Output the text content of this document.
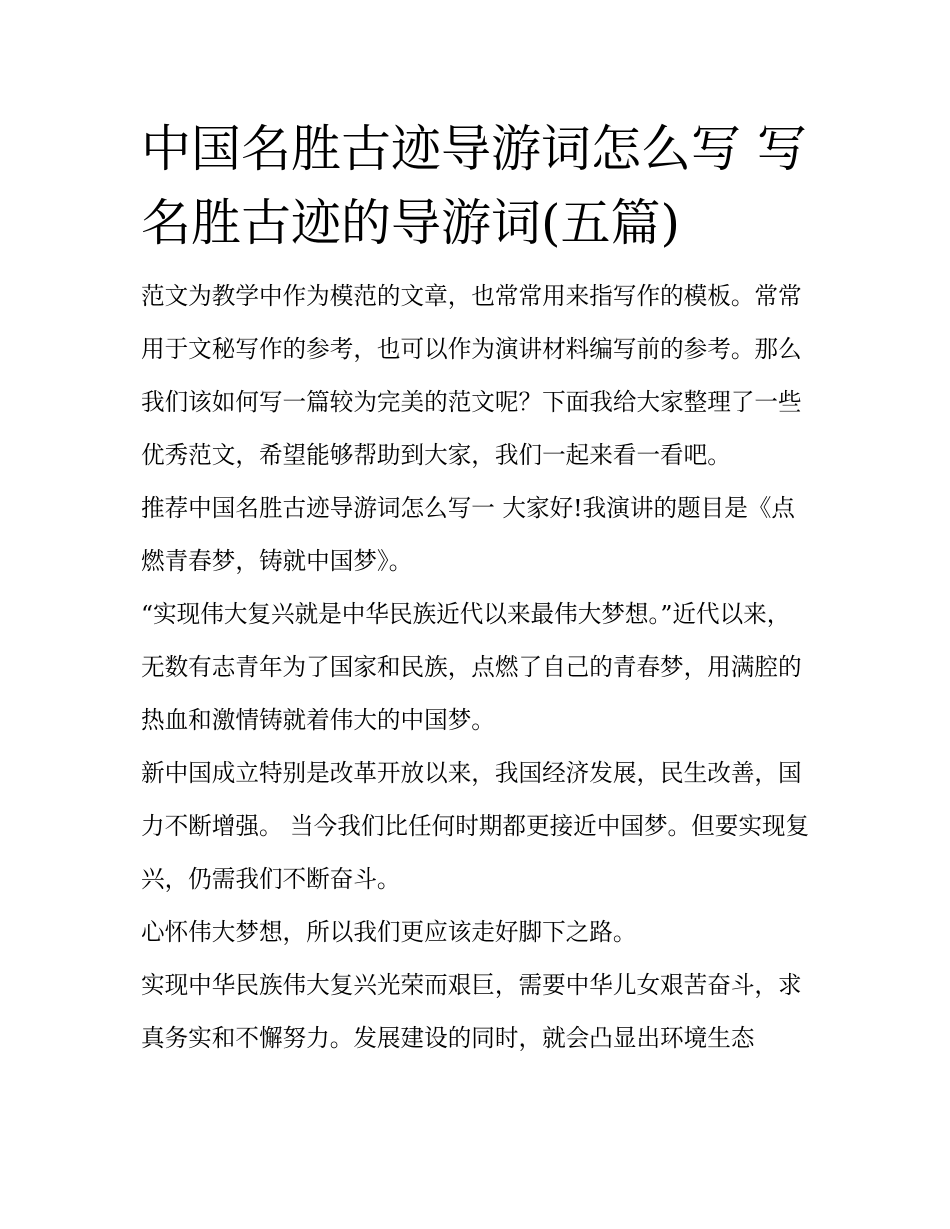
中国名胜古迹导游词怎么写 写名胜古迹的导游词(五篇)

范文为教学中作为模范的文章，也常常用来指写作的模板。常常用于文秘写作的参考，也可以作为演讲材料编写前的参考。那么我们该如何写一篇较为完美的范文呢？下面我给大家整理了一些优秀范文，希望能够帮助到大家，我们一起来看一看吧。

推荐中国名胜古迹导游词怎么写一 大家好!我演讲的题目是《点燃青春梦，铸就中国梦》。

“实现伟大复兴就是中华民族近代以来最伟大梦想。”近代以来，无数有志青年为了国家和民族，点燃了自己的青春梦，用满腔的热血和激情铸就着伟大的中国梦。

新中国成立特别是改革开放以来，我国经济发展，民生改善，国力不断增强。 当今我们比任何时期都更接近中国梦。但要实现复兴，仍需我们不断奋斗。

心怀伟大梦想，所以我们更应该走好脚下之路。

实现中华民族伟大复兴光荣而艰巨，需要中华儿女艰苦奋斗，求真务实和不懈努力。发展建设的同时，就会凸显出环境生态
